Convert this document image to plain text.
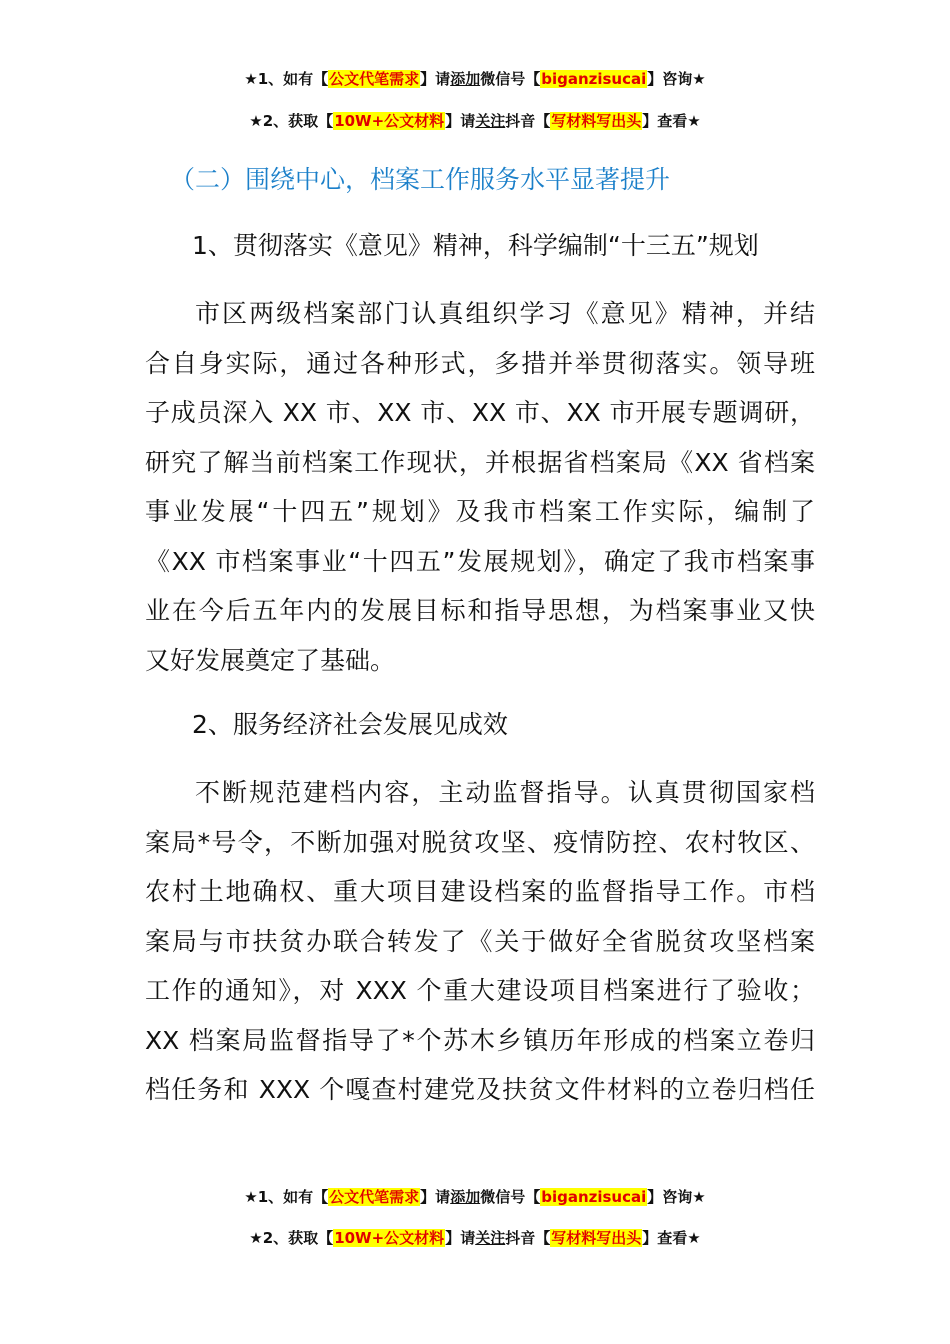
★1、如有【公文代笔需求】请添加微信号【biganzisucai】咨询★
★2、获取【10W+公文材料】请关注抖音【写材料写出头】查看★
（二）围绕中心，档案工作服务水平显著提升
1、贯彻落实《意见》精神，科学编制“十三五”规划
市区两级档案部门认真组织学习《意见》精神，并结
合自身实际，通过各种形式，多措并举贯彻落实。领导班
子成员深入 XX 市、XX 市、XX 市、XX 市开展专题调研，
研究了解当前档案工作现状，并根据省档案局《XX 省档案
事业发展“十四五”规划》及我市档案工作实际，编制了
《XX 市档案事业“十四五”发展规划》，确定了我市档案事
业在今后五年内的发展目标和指导思想，为档案事业又快
又好发展奠定了基础。
2、服务经济社会发展见成效
不断规范建档内容，主动监督指导。认真贯彻国家档
案局*号令，不断加强对脱贫攻坚、疫情防控、农村牧区、
农村土地确权、重大项目建设档案的监督指导工作。市档
案局与市扶贫办联合转发了《关于做好全省脱贫攻坚档案
工作的通知》，对 XXX 个重大建设项目档案进行了验收；
XX 档案局监督指导了*个苏木乡镇历年形成的档案立卷归
档任务和 XXX 个嘎查村建党及扶贫文件材料的立卷归档任
★1、如有【公文代笔需求】请添加微信号【biganzisucai】咨询★
★2、获取【10W+公文材料】请关注抖音【写材料写出头】查看★
